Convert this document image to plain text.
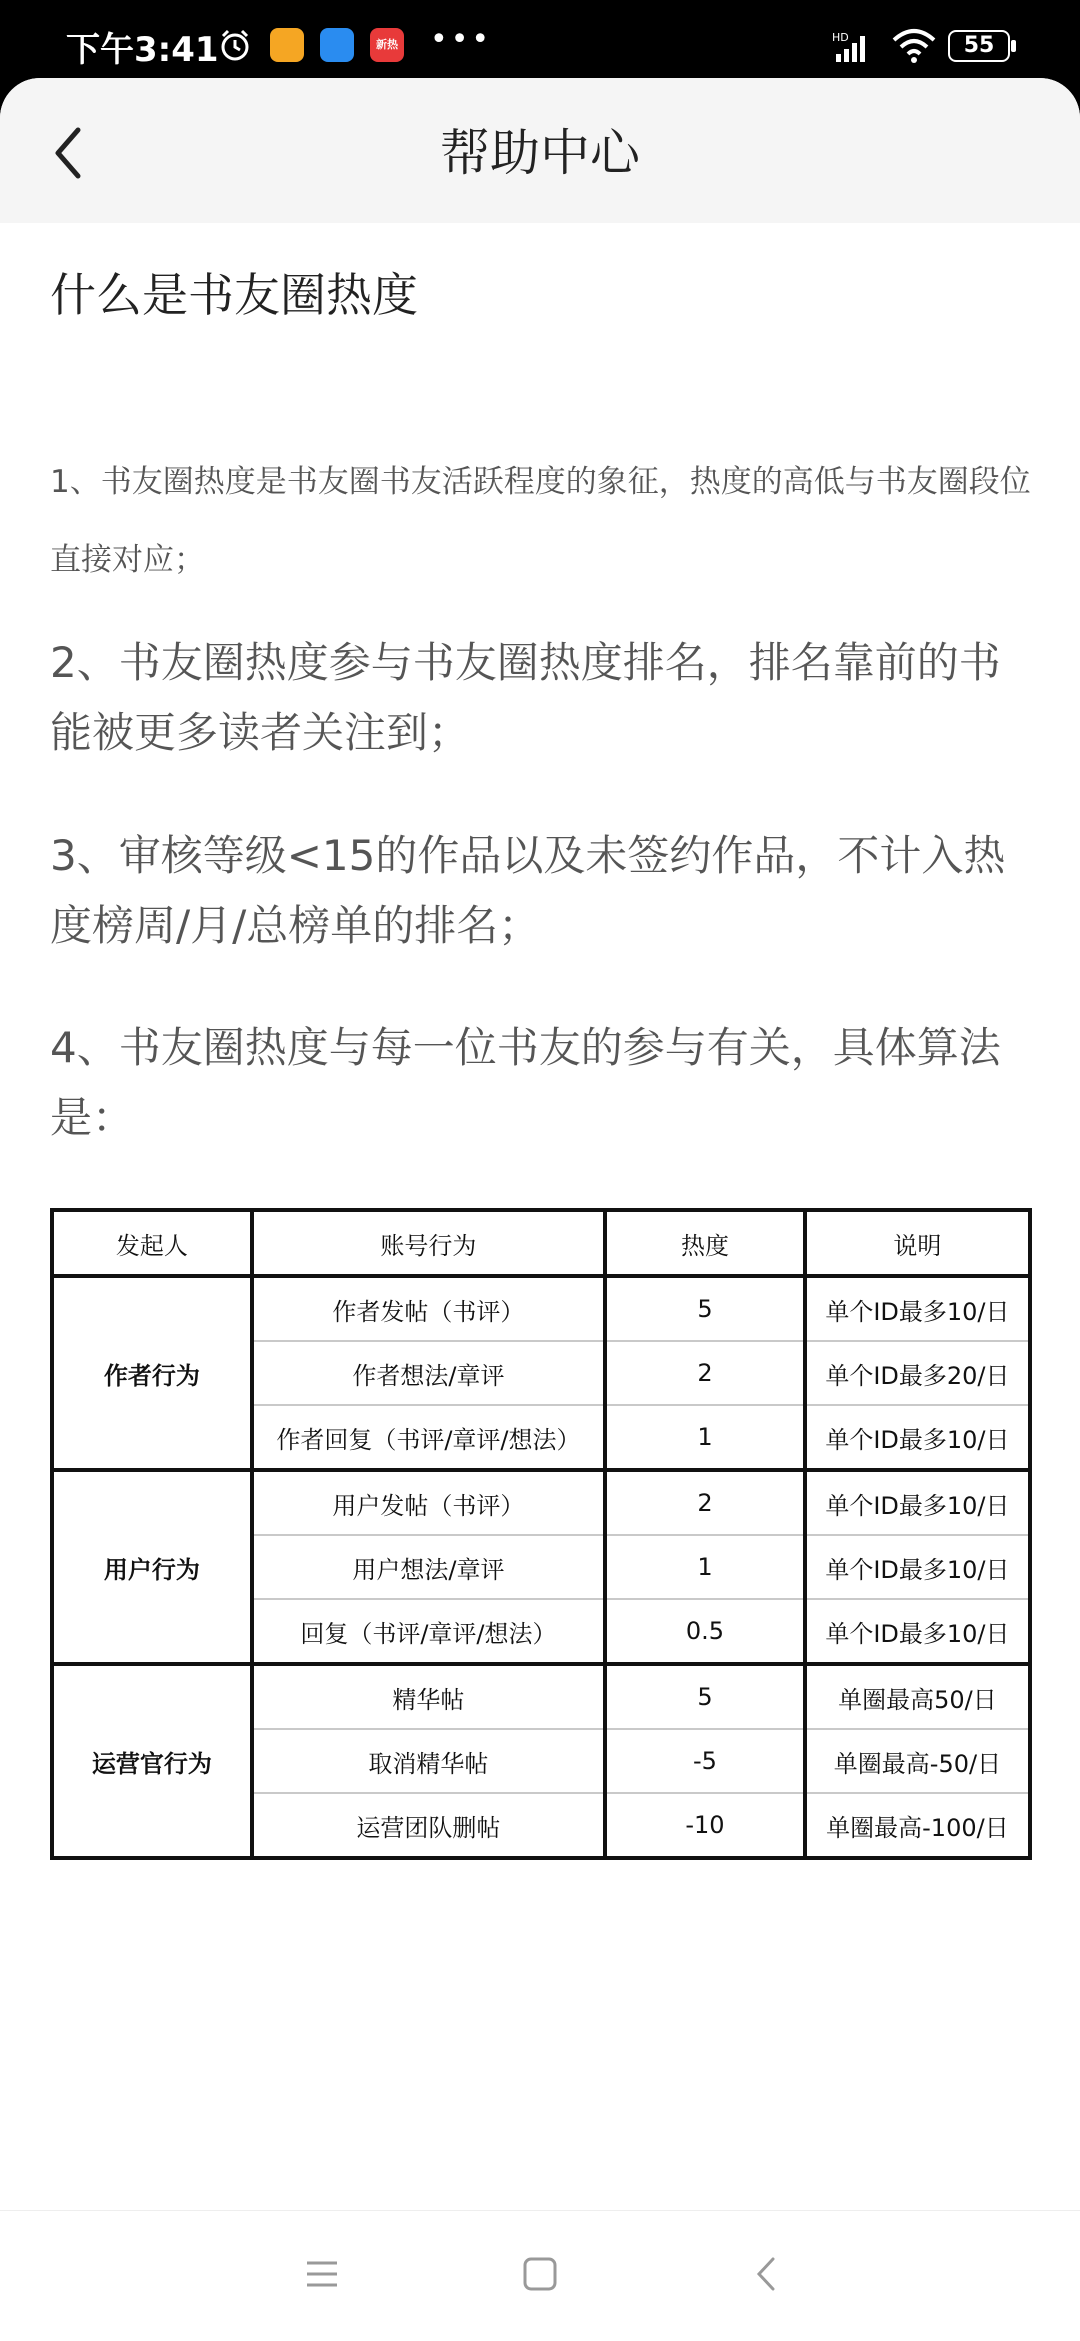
下午3:41	新热 •••	HD	55
帮助中心
什么是书友圈热度
1、书友圈热度是书友圈书友活跃程度的象征，热度的高低与书友圈段位直接对应；
2、书友圈热度参与书友圈热度排名，排名靠前的书能被更多读者关注到；
3、审核等级<15的作品以及未签约作品，不计入热度榜周/月/总榜单的排名；
4、书友圈热度与每一位书友的参与有关，具体算法是：
发起人	账号行为	热度	说明
作者行为	作者发帖（书评）	5	单个ID最多10/日
	作者想法/章评	2	单个ID最多20/日
	作者回复（书评/章评/想法）	1	单个ID最多10/日
用户行为	用户发帖（书评）	2	单个ID最多10/日
	用户想法/章评	1	单个ID最多10/日
	回复（书评/章评/想法）	0.5	单个ID最多10/日
运营官行为	精华帖	5	单圈最高50/日
	取消精华帖	-5	单圈最高-50/日
	运营团队删帖	-10	单圈最高-100/日
